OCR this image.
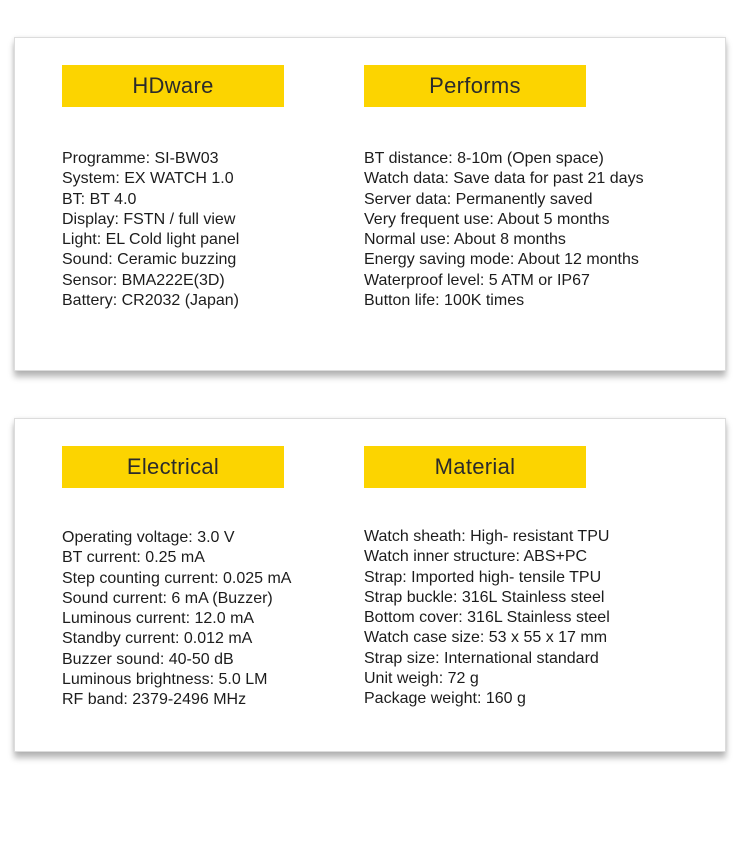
HDware
Programme: SI-BW03
System: EX WATCH 1.0
BT: BT 4.0
Display: FSTN / full view
Light: EL Cold light panel
Sound: Ceramic buzzing
Sensor: BMA222E(3D)
Battery: CR2032 (Japan)
Performs
BT distance: 8-10m (Open space)
Watch data: Save data for past 21 days
Server data: Permanently saved
Very frequent use: About 5 months
Normal use: About 8 months
Energy saving mode: About 12 months
Waterproof level: 5 ATM or IP67
Button life: 100K times
Electrical
Operating voltage: 3.0 V
BT current: 0.25 mA
Step counting current: 0.025 mA
Sound current: 6 mA (Buzzer)
Luminous current: 12.0 mA
Standby current: 0.012 mA
Buzzer sound: 40-50 dB
Luminous brightness: 5.0 LM
RF band: 2379-2496 MHz
Material
Watch sheath: High- resistant TPU
Watch inner structure: ABS+PC
Strap: Imported high- tensile TPU
Strap buckle: 316L Stainless steel
Bottom cover: 316L Stainless steel
Watch case size: 53 x 55 x 17 mm
Strap size: International standard
Unit weigh: 72 g
Package weight: 160 g
